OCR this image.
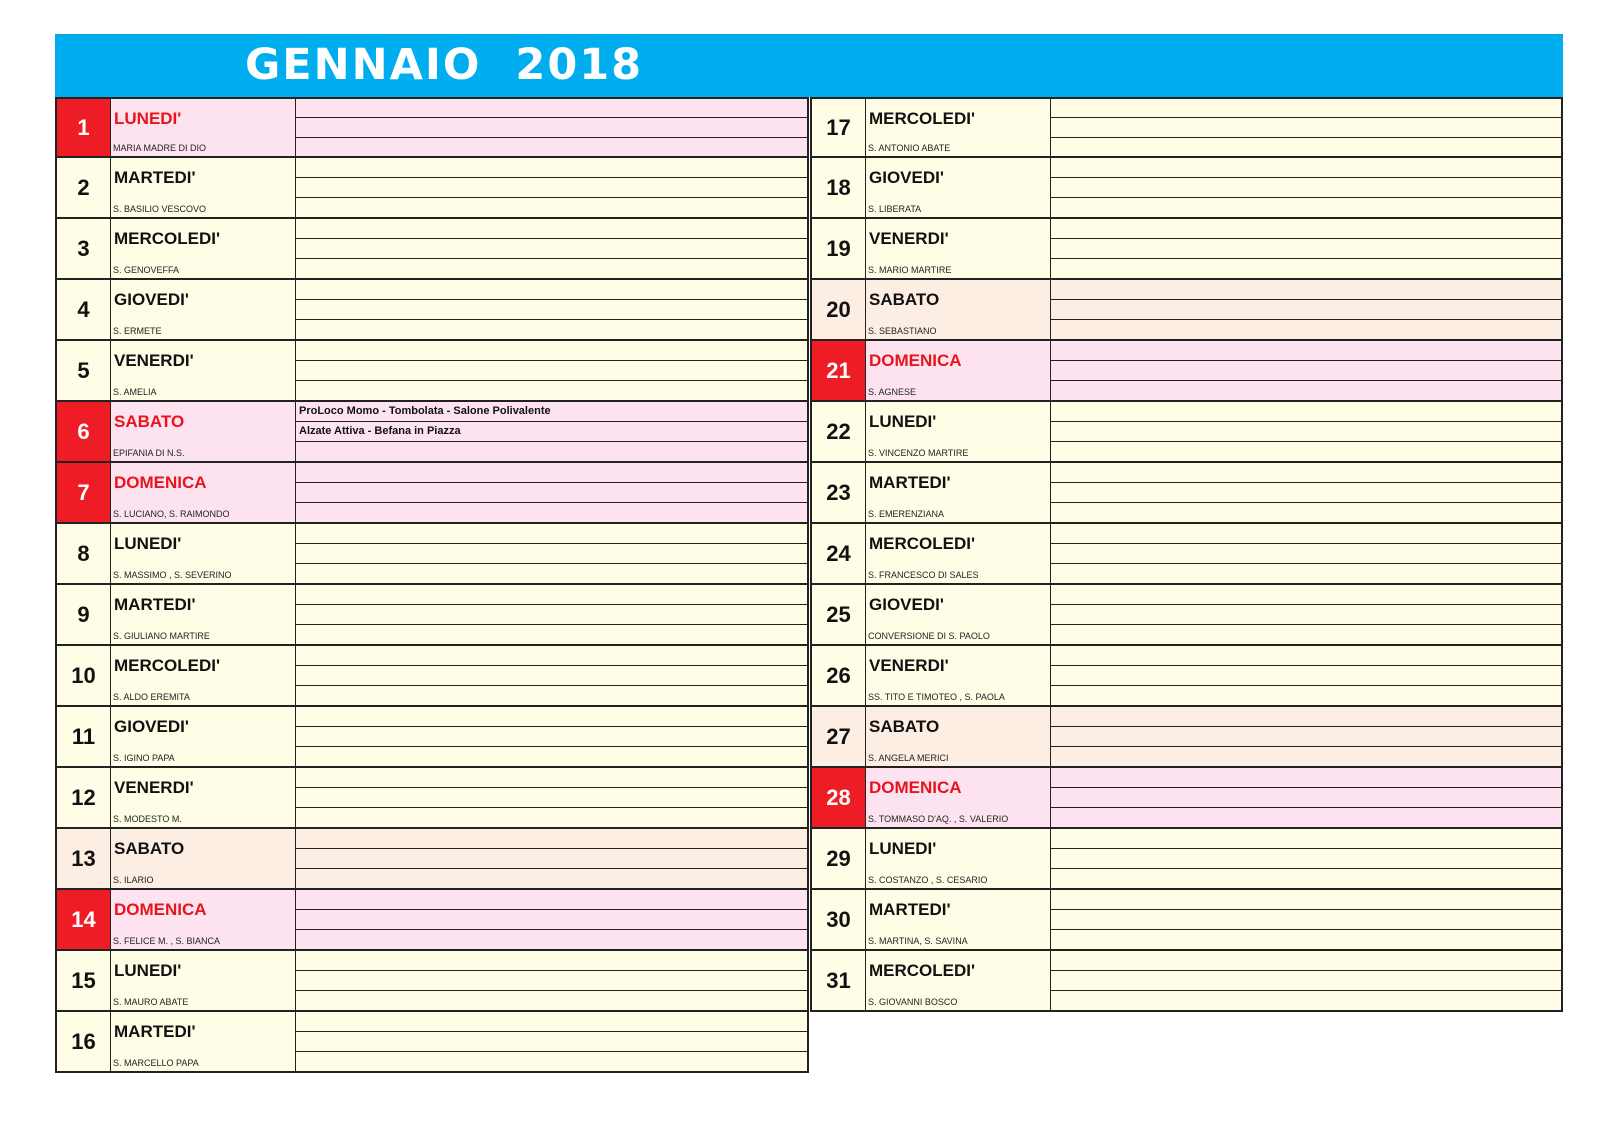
GENNAIO  2018
1	LUNEDI'
MARIA MADRE DI DIO
2	MARTEDI'
S. BASILIO VESCOVO
3	MERCOLEDI'
S. GENOVEFFA
4	GIOVEDI'
S. ERMETE
5	VENERDI'
S. AMELIA
6	SABATO
EPIFANIA DI N.S.
ProLoco Momo - Tombolata - Salone Polivalente
Alzate Attiva - Befana in Piazza
7	DOMENICA
S. LUCIANO, S. RAIMONDO
8	LUNEDI'
S. MASSIMO , S. SEVERINO
9	MARTEDI'
S. GIULIANO MARTIRE
10	MERCOLEDI'
S. ALDO EREMITA
11	GIOVEDI'
S. IGINO PAPA
12	VENERDI'
S. MODESTO M.
13	SABATO
S. ILARIO
14	DOMENICA
S. FELICE M. , S. BIANCA
15	LUNEDI'
S. MAURO ABATE
16	MARTEDI'
S. MARCELLO PAPA
17	MERCOLEDI'
S. ANTONIO ABATE
18	GIOVEDI'
S. LIBERATA
19	VENERDI'
S. MARIO MARTIRE
20	SABATO
S. SEBASTIANO
21	DOMENICA
S. AGNESE
22	LUNEDI'
S. VINCENZO MARTIRE
23	MARTEDI'
S. EMERENZIANA
24	MERCOLEDI'
S. FRANCESCO DI SALES
25	GIOVEDI'
CONVERSIONE DI S. PAOLO
26	VENERDI'
SS. TITO E TIMOTEO , S. PAOLA
27	SABATO
S. ANGELA MERICI
28	DOMENICA
S. TOMMASO D'AQ. , S. VALERIO
29	LUNEDI'
S. COSTANZO , S. CESARIO
30	MARTEDI'
S. MARTINA, S. SAVINA
31	MERCOLEDI'
S. GIOVANNI BOSCO
